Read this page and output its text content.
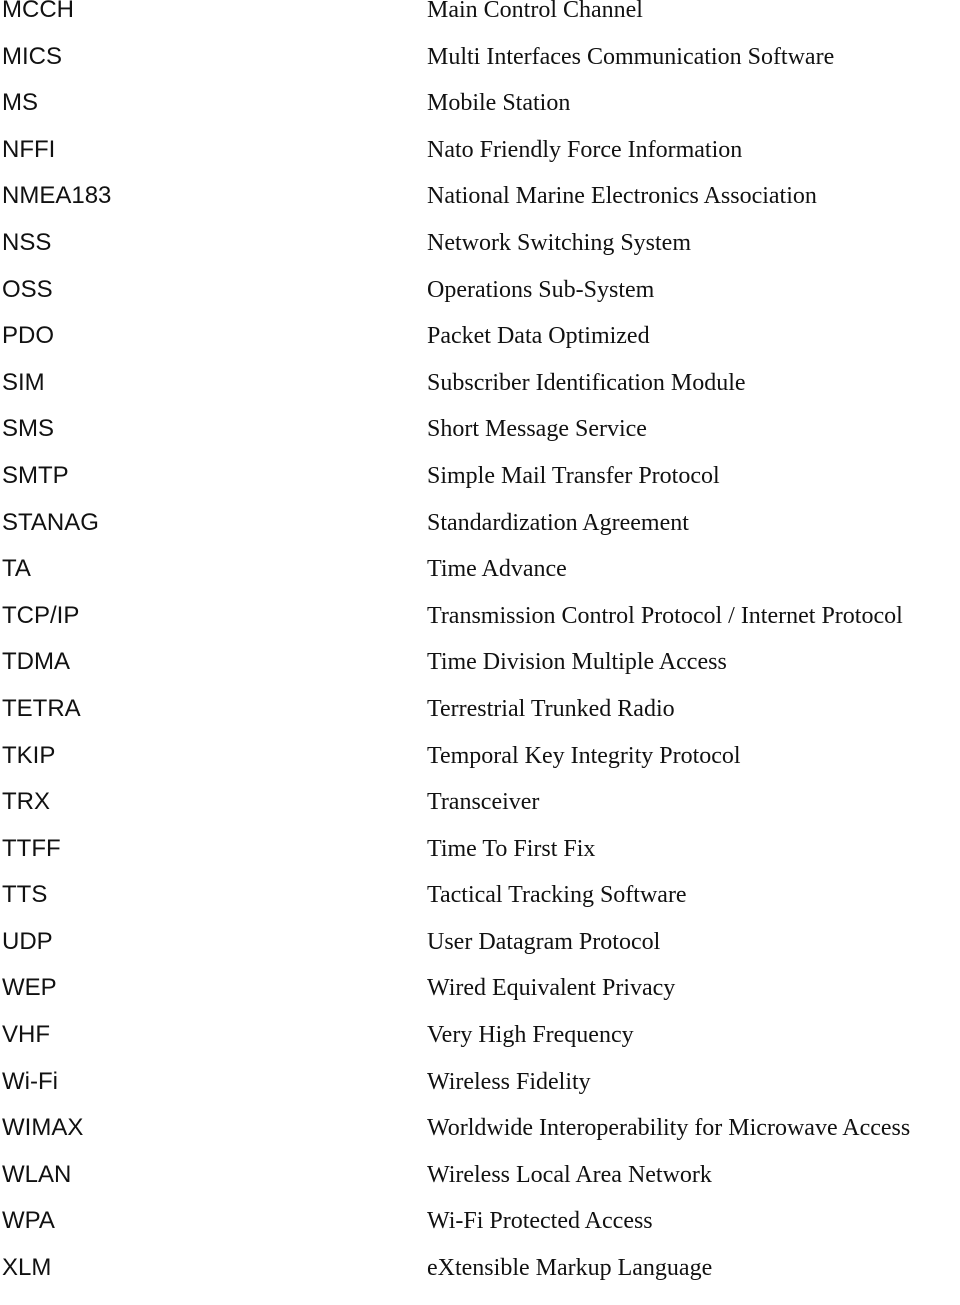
MCCH	Main Control Channel
MICS	Multi Interfaces Communication Software
MS	Mobile Station
NFFI	Nato Friendly Force Information
NMEA183	National Marine Electronics Association
NSS	Network Switching System
OSS	Operations Sub-System
PDO	Packet Data Optimized
SIM	Subscriber Identification Module
SMS	Short Message Service
SMTP	Simple Mail Transfer Protocol
STANAG	Standardization Agreement
TA	Time Advance
TCP/IP	Transmission Control Protocol / Internet Protocol
TDMA	Time Division Multiple Access
TETRA	Terrestrial Trunked Radio
TKIP	Temporal Key Integrity Protocol
TRX	Transceiver
TTFF	Time To First Fix
TTS	Tactical Tracking Software
UDP	User Datagram Protocol
WEP	Wired Equivalent Privacy
VHF	Very High Frequency
Wi-Fi	Wireless Fidelity
WIMAX	Worldwide Interoperability for Microwave Access
WLAN	Wireless Local Area Network
WPA	Wi-Fi Protected Access
XLM	eXtensible Markup Language
